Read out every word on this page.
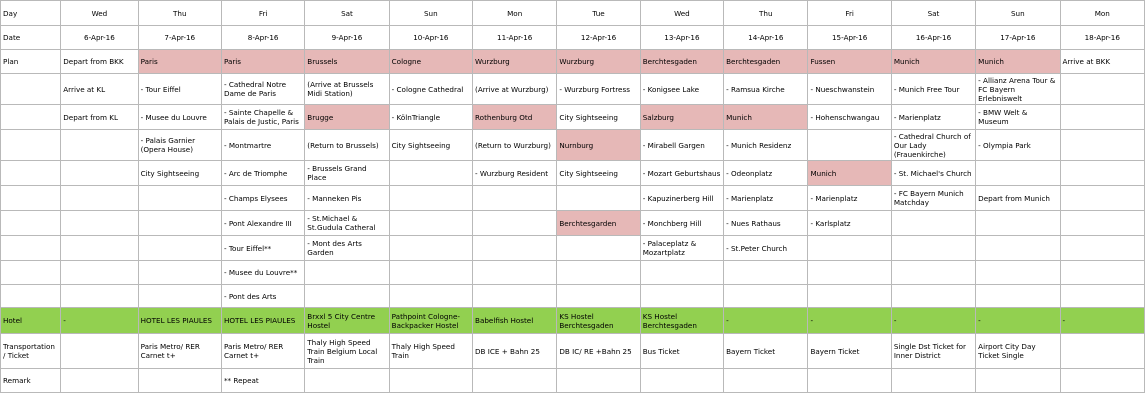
Day	Wed	Thu	Fri	Sat	Sun	Mon	Tue	Wed	Thu	Fri	Sat	Sun	Mon
Date	6-Apr-16	7-Apr-16	8-Apr-16	9-Apr-16	10-Apr-16	11-Apr-16	12-Apr-16	13-Apr-16	14-Apr-16	15-Apr-16	16-Apr-16	17-Apr-16	18-Apr-16
Plan	Depart from BKK	Paris	Paris	Brussels	Cologne	Wurzburg	Wurzburg	Berchtesgaden	Berchtesgaden	Fussen	Munich	Munich	Arrive at BKK
	Arrive at KL	- Tour Eiffel	- Cathedral Notre Dame de Paris	(Arrive at Brussels Midi Station)	- Cologne Cathedral	(Arrive at Wurzburg)	- Wurzburg Fortress	- Konigsee Lake	- Ramsua Kirche	- Nueschwanstein	- Munich Free Tour	- Allianz Arena Tour & FC Bayern Erlebniswelt	
	Depart from KL	- Musee du Louvre	- Sainte Chapelle & Palais de Justic, Paris	Brugge	- KölnTriangle	Rothenburg Otd	City Sightseeing	Salzburg	Munich	- Hohenschwangau	- Marienplatz	- BMW Welt & Museum	
		- Palais Garnier (Opera House)	- Montmartre	(Return to Brussels)	City Sightseeing	(Return to Wurzburg)	Nurnburg	- Mirabell Gargen	- Munich Residenz		- Cathedral Church of Our Lady (Frauenkirche)	- Olympia Park	
		City Sightseeing	- Arc de Triomphe	- Brussels Grand Place		- Wurzburg Resident	City Sightseeing	- Mozart Geburtshaus	- Odeonplatz	Munich	- St. Michael's Church		
			- Champs Elysees	- Manneken Pis				- Kapuzinerberg Hill	- Marienplatz	- Marienplatz	- FC Bayern Munich Matchday	Depart from Munich	
			- Pont Alexandre III	- St.Michael & St.Gudula Catheral			Berchtesgarden	- Monchberg Hill	- Nues Rathaus	- Karlsplatz			
			- Tour Eiffel**	- Mont des Arts Garden				- Palaceplatz & Mozartplatz	- St.Peter Church				
			- Musee du Louvre**										
			- Pont des Arts										
Hotel	-	HOTEL LES PIAULES	HOTEL LES PIAULES	Brxxl 5 City Centre Hostel	Pathpoint Cologne-Backpacker Hostel	Babelfish Hostel	KS Hostel Berchtesgaden	KS Hostel Berchtesgaden	-	-	-	-	-
Transportation / Ticket		Paris Metro/ RER Carnet t+	Paris Metro/ RER Carnet t+	Thaly High Speed Train Belgium Local Train	Thaly High Speed Train	DB ICE + Bahn 25	DB IC/ RE +Bahn 25	Bus Ticket	Bayern Ticket	Bayern Ticket	Single Dst Ticket for Inner District	Airport City Day Ticket Single	
Remark			** Repeat										
